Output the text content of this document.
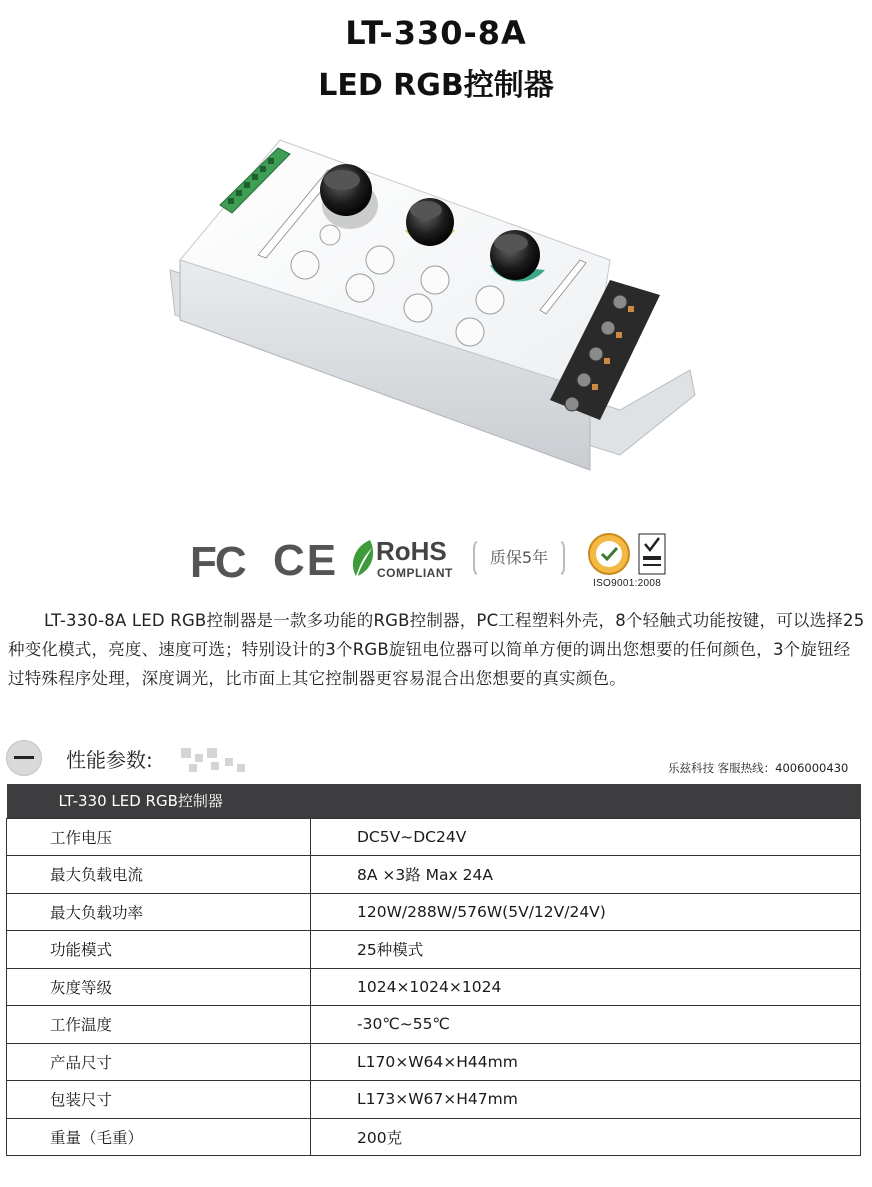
LT-330-8A
LED RGB控制器
FC CE RoHS
COMPLIANT
质保5年
ISO9001:2008

LT-330-8A LED RGB控制器是一款多功能的RGB控制器，PC工程塑料外壳，8个轻触式功能按键，可以选择25种变化模式，亮度、速度可选；特别设计的3个RGB旋钮电位器可以简单方便的调出您想要的任何颜色，3个旋钮经过特殊程序处理，深度调光，比市面上其它控制器更容易混合出您想要的真实颜色。

性能参数:	乐兹科技 客服热线：4006000430
LT-330 LED RGB控制器	
工作电压	DC5V~DC24V
最大负载电流	8A ×3路 Max 24A
最大负载功率	120W/288W/576W(5V/12V/24V)
功能模式	25种模式
灰度等级	1024×1024×1024
工作温度	-30℃~55℃
产品尺寸	L170×W64×H44mm
包装尺寸	L173×W67×H47mm
重量（毛重）	200克
